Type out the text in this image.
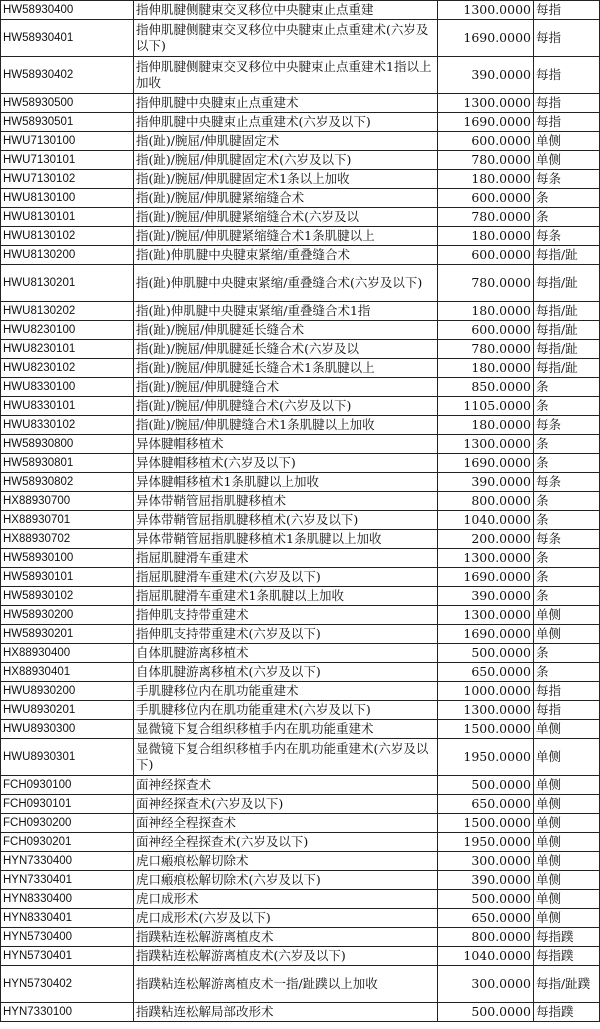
HW58930400	指伸肌腱侧腱束交叉移位中央腱束止点重建	1300.0000	每指
HW58930401	指伸肌腱侧腱束交叉移位中央腱束止点重建术(六岁及以下)	1690.0000	每指
HW58930402	指伸肌腱侧腱束交叉移位中央腱束止点重建术1指以上加收	390.0000	每指
HW58930500	指伸肌腱中央腱束止点重建术	1300.0000	每指
HW58930501	指伸肌腱中央腱束止点重建术(六岁及以下)	1690.0000	每指
HWU7130100	指(趾)/腕屈/伸肌腱固定术	600.0000	单侧
HWU7130101	指(趾)/腕屈/伸肌腱固定术(六岁及以下)	780.0000	单侧
HWU7130102	指(趾)/腕屈/伸肌腱固定术1条以上加收	180.0000	每条
HWU8130100	指(趾)/腕屈/伸肌腱紧缩缝合术	600.0000	条
HWU8130101	指(趾)/腕屈/伸肌腱紧缩缝合术(六岁及以	780.0000	条
HWU8130102	指(趾)/腕屈/伸肌腱紧缩缝合术1条肌腱以上	180.0000	每条
HWU8130200	指(趾)伸肌腱中央腱束紧缩/重叠缝合术	600.0000	每指/趾
HWU8130201	指(趾)伸肌腱中央腱束紧缩/重叠缝合术(六岁及以下)	780.0000	每指/趾
HWU8130202	指(趾)伸肌腱中央腱束紧缩/重叠缝合术1指	180.0000	每指/趾
HWU8230100	指(趾)/腕屈/伸肌腱延长缝合术	600.0000	每指/趾
HWU8230101	指(趾)/腕屈/伸肌腱延长缝合术(六岁及以	780.0000	每指/趾
HWU8230102	指(趾)/腕屈/伸肌腱延长缝合术1条肌腱以上	180.0000	每指/趾
HWU8330100	指(趾)/腕屈/伸肌腱缝合术	850.0000	条
HWU8330101	指(趾)/腕屈/伸肌腱缝合术(六岁及以下)	1105.0000	条
HWU8330102	指(趾)/腕屈/伸肌腱缝合术1条肌腱以上加收	180.0000	每条
HW58930800	异体腱帽移植术	1300.0000	条
HW58930801	异体腱帽移植术(六岁及以下)	1690.0000	条
HW58930802	异体腱帽移植术1条肌腱以上加收	390.0000	每条
HX88930700	异体带鞘管屈指肌腱移植术	800.0000	条
HX88930701	异体带鞘管屈指肌腱移植术(六岁及以下)	1040.0000	条
HX88930702	异体带鞘管屈指肌腱移植术1条肌腱以上加收	200.0000	每条
HW58930100	指屈肌腱滑车重建术	1300.0000	条
HW58930101	指屈肌腱滑车重建术(六岁及以下)	1690.0000	条
HW58930102	指屈肌腱滑车重建术1条肌腱以上加收	390.0000	条
HW58930200	指伸肌支持带重建术	1300.0000	单侧
HW58930201	指伸肌支持带重建术(六岁及以下)	1690.0000	单侧
HX88930400	自体肌腱游离移植术	500.0000	条
HX88930401	自体肌腱游离移植术(六岁及以下)	650.0000	条
HWU8930200	手肌腱移位内在肌功能重建术	1000.0000	每指
HWU8930201	手肌腱移位内在肌功能重建术(六岁及以下)	1300.0000	每指
HWU8930300	显微镜下复合组织移植手内在肌功能重建术	1500.0000	单侧
HWU8930301	显微镜下复合组织移植手内在肌功能重建术(六岁及以下)	1950.0000	单侧
FCH0930100	面神经探查术	500.0000	单侧
FCH0930101	面神经探查术(六岁及以下)	650.0000	单侧
FCH0930200	面神经全程探查术	1500.0000	单侧
FCH0930201	面神经全程探查术(六岁及以下)	1950.0000	单侧
HYN7330400	虎口瘢痕松解切除术	300.0000	单侧
HYN7330401	虎口瘢痕松解切除术(六岁及以下)	390.0000	单侧
HYN8330400	虎口成形术	500.0000	单侧
HYN8330401	虎口成形术(六岁及以下)	650.0000	单侧
HYN5730400	指蹼粘连松解游离植皮术	800.0000	每指蹼
HYN5730401	指蹼粘连松解游离植皮术(六岁及以下)	1040.0000	每指蹼
HYN5730402	指蹼粘连松解游离植皮术一指/趾蹼以上加收	300.0000	每指/趾蹼
HYN7330100	指蹼粘连松解局部改形术	500.0000	每指蹼
